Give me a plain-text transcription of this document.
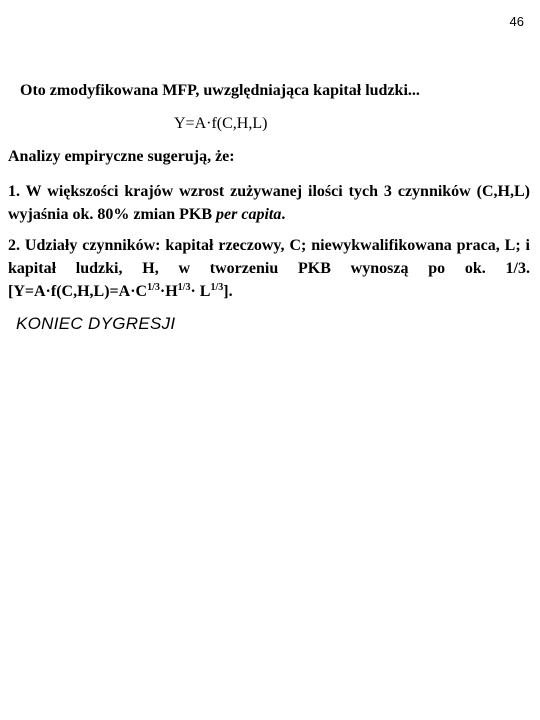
46
Oto zmodyfikowana MFP, uwzględniająca kapitał ludzki...
Y=A·f(C,H,L)
Analizy empiryczne sugerują, że:
1. W większości krajów wzrost zużywanej ilości tych 3 czynników (C,H,L) wyjaśnia ok. 80% zmian PKB per capita.
2. Udziały czynników: kapitał rzeczowy, C; niewykwalifikowana praca, L; i kapitał ludzki, H, w tworzeniu PKB wynoszą po ok. 1/3. $[Y=A\cdot f(C,H,L)=A\cdot C^{1/3}\cdot H^{1/3}\cdot L^{1/3}]$.
KONIEC DYGRESJI
